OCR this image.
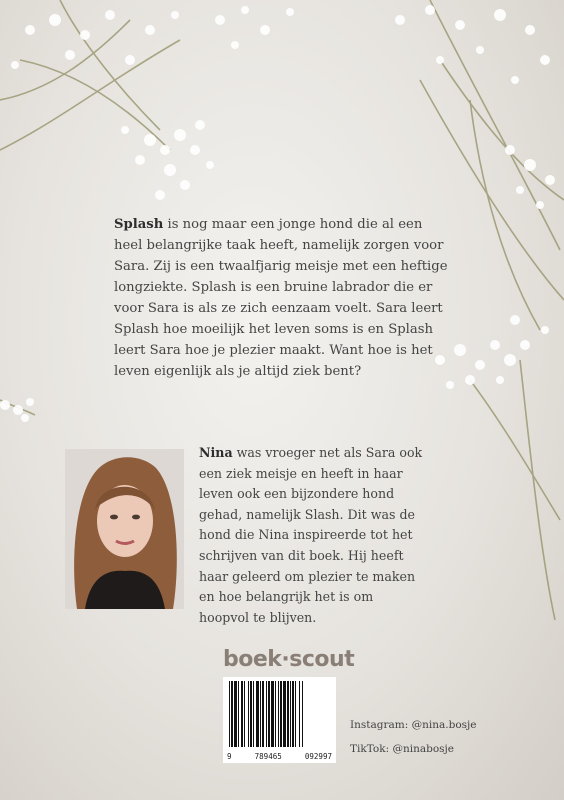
Splash is nog maar een jonge hond die al een heel belangrijke taak heeft, namelijk zorgen voor Sara. Zij is een twaalfjarig meisje met een heftige longziekte. Splash is een bruine labrador die er voor Sara is als ze zich eenzaam voelt. Sara leert Splash hoe moeilijk het leven soms is en Splash leert Sara hoe je plezier maakt. Want hoe is het leven eigenlijk als je altijd ziek bent?
Nina was vroeger net als Sara ook een ziek meisje en heeft in haar leven ook een bijzondere hond gehad, namelijk Slash. Dit was de hond die Nina inspireerde tot het schrijven van dit boek. Hij heeft haar geleerd om plezier te maken en hoe belangrijk het is om hoopvol te blijven.
boek·scout
9	789465	092997
Instagram: @nina.bosje
TikTok: @ninabosje
